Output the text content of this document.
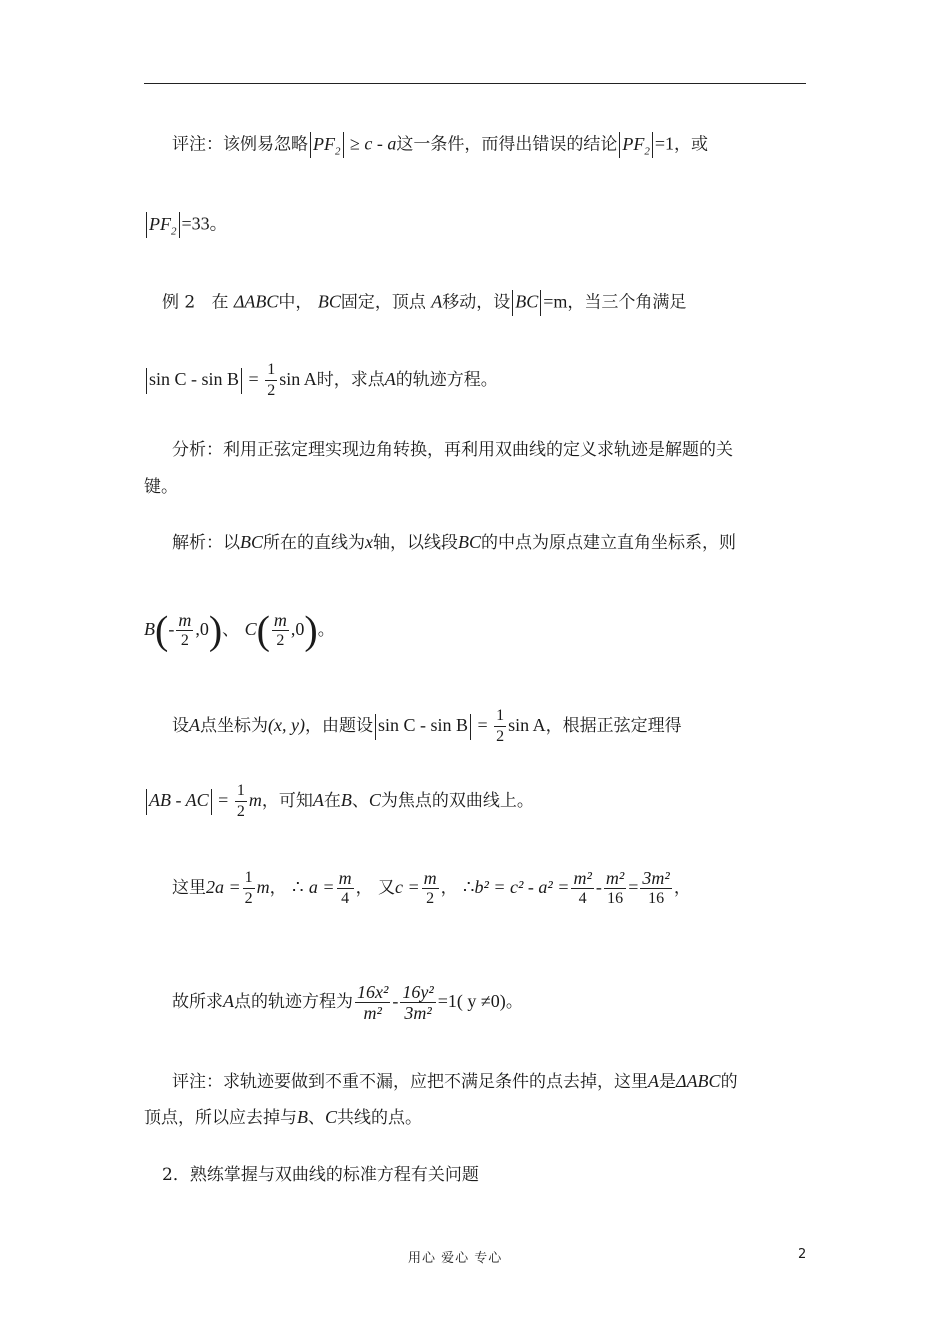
评注：该例易忽略 $PF_2 \ge c - a$这一条件，而得出错误的结论 $PF_2 =1$，或
$PF_2 =33$。
例 2 在 ΔABC中， BC固定，顶点 A移动，设 BC =m，当三个角满足
$\sin C - \sin B = \frac{1}{2}$ sin A时，求点A的轨迹方程。
分析：利用正弦定理实现边角转换，再利用双曲线的定义求轨迹是解题的关
键。
解析：以BC所在的直线为x轴，以线段BC的中点为原点建立直角坐标系，则
$B(- \frac{m}{2} ,0)$、 $C( \frac{m}{2} ,0)$。
设A点坐标为(x, y)，由题设 $\sin C - \sin B = \frac{1}{2}$ sin A，根据正弦定理得
AB - AC = $\frac{1}{2}$ m，可知A在B、C为焦点的双曲线上。
这里$2a = \frac{1}{2}$ m， ∴ $a = \frac{m}{4}$ ， 又$c = \frac{m}{2}$ ， ∴b² = $c^2 - a^2 = \frac{\text{m²}}{4} - \frac{\text{m²}}{16} = \frac{\text{3m²}}{16}$ ，
故所求A点的轨迹方程为 $\frac{\text{16x²}}{\text{m²}} - \frac{\text{16y²}}{\text{3m²}} =1$( y ≠0)。
评注：求轨迹要做到不重不漏，应把不满足条件的点去掉，这里A是ΔABC的
顶点，所以应去掉与B、C共线的点。
2．熟练掌握与双曲线的标准方程有关问题
用心 爱心 专心	2
